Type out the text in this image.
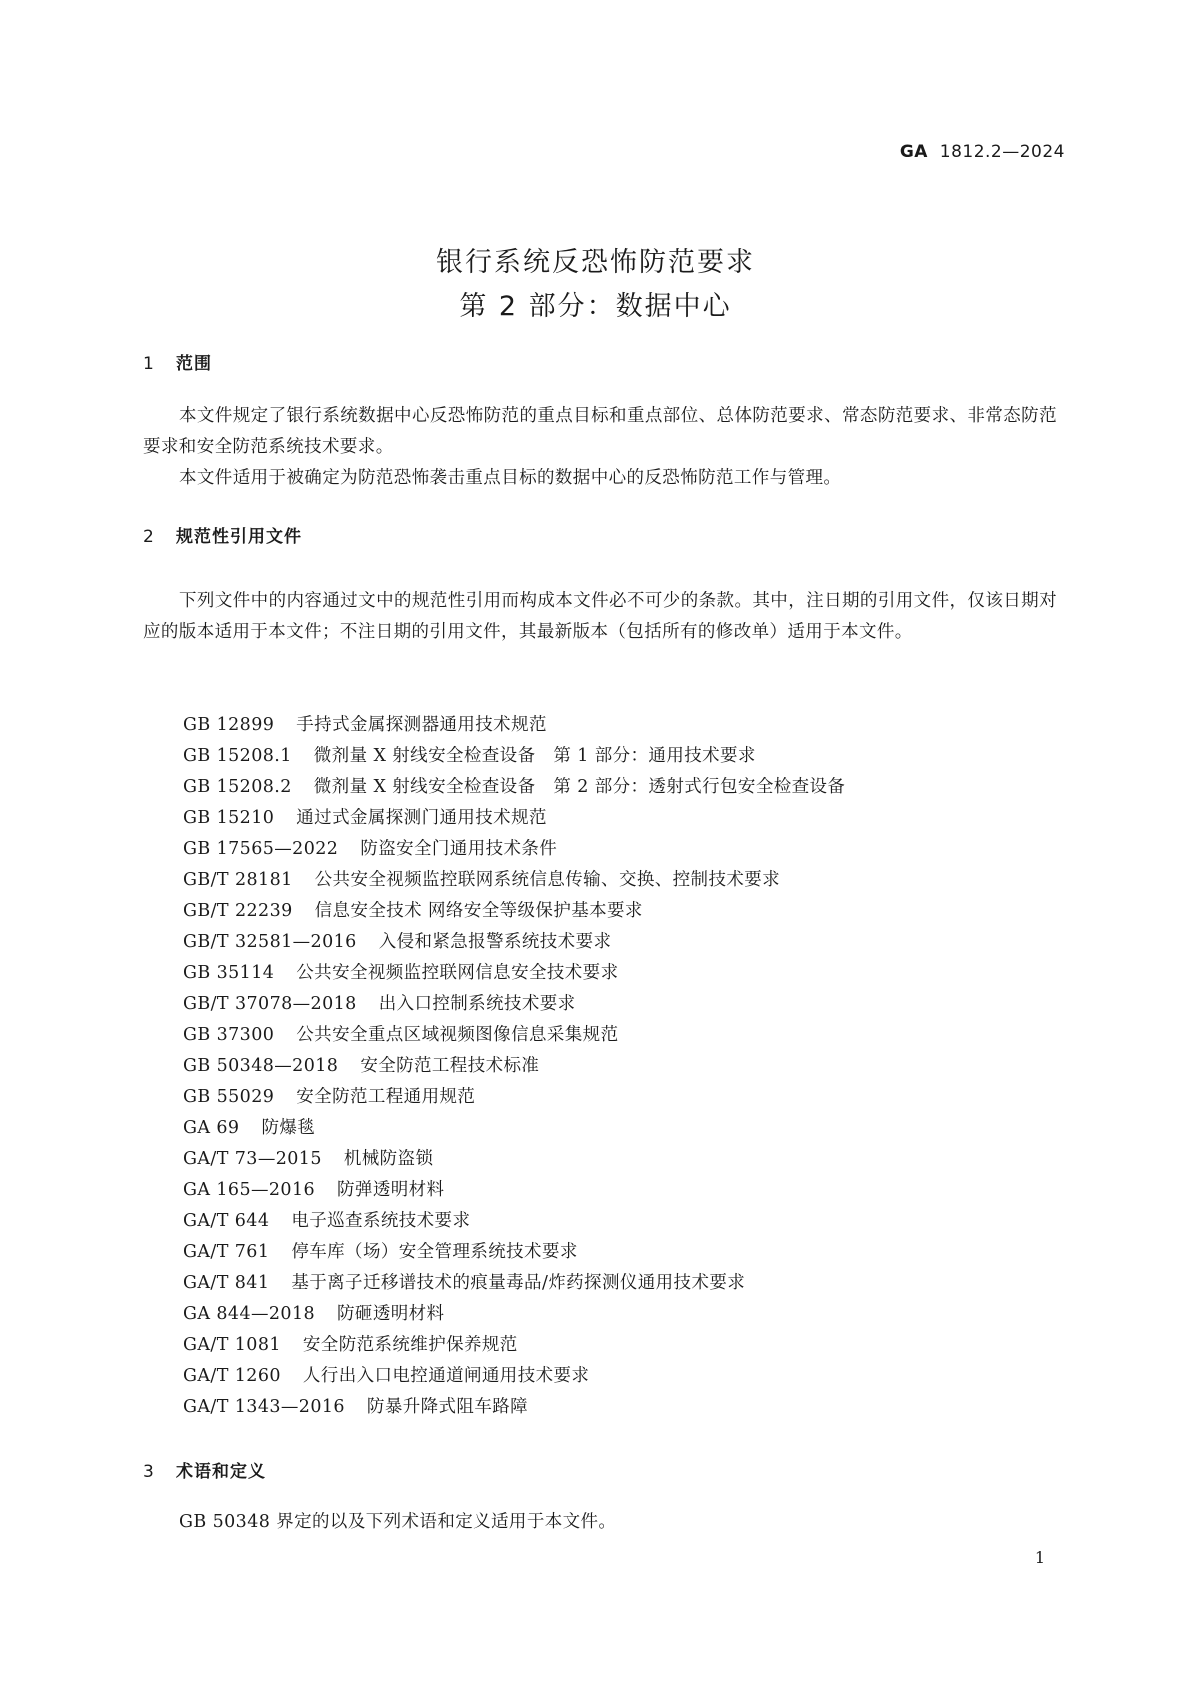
GA 1812.2—2024
银行系统反恐怖防范要求
第 2 部分：数据中心
1 范围

本文件规定了银行系统数据中心反恐怖防范的重点目标和重点部位、总体防范要求、常态防范要求、非常态防范要求和安全防范系统技术要求。

本文件适用于被确定为防范恐怖袭击重点目标的数据中心的反恐怖防范工作与管理。

2 规范性引用文件

下列文件中的内容通过文中的规范性引用而构成本文件必不可少的条款。其中，注日期的引用文件，仅该日期对应的版本适用于本文件；不注日期的引用文件，其最新版本（包括所有的修改单）适用于本文件。

GB 12899 手持式金属探测器通用技术规范
GB 15208.1 微剂量 X 射线安全检查设备　第 1 部分：通用技术要求
GB 15208.2 微剂量 X 射线安全检查设备　第 2 部分：透射式行包安全检查设备
GB 15210 通过式金属探测门通用技术规范
GB 17565—2022 防盗安全门通用技术条件
GB/T 28181 公共安全视频监控联网系统信息传输、交换、控制技术要求
GB/T 22239 信息安全技术 网络安全等级保护基本要求
GB/T 32581—2016 入侵和紧急报警系统技术要求
GB 35114 公共安全视频监控联网信息安全技术要求
GB/T 37078—2018 出入口控制系统技术要求
GB 37300 公共安全重点区域视频图像信息采集规范
GB 50348—2018 安全防范工程技术标准
GB 55029 安全防范工程通用规范
GA 69 防爆毯
GA/T 73—2015 机械防盗锁
GA 165—2016 防弹透明材料
GA/T 644 电子巡查系统技术要求
GA/T 761 停车库（场）安全管理系统技术要求
GA/T 841 基于离子迁移谱技术的痕量毒品/炸药探测仪通用技术要求
GA 844—2018 防砸透明材料
GA/T 1081 安全防范系统维护保养规范
GA/T 1260 人行出入口电控通道闸通用技术要求
GA/T 1343—2016 防暴升降式阻车路障
3 术语和定义

GB 50348 界定的以及下列术语和定义适用于本文件。

1
